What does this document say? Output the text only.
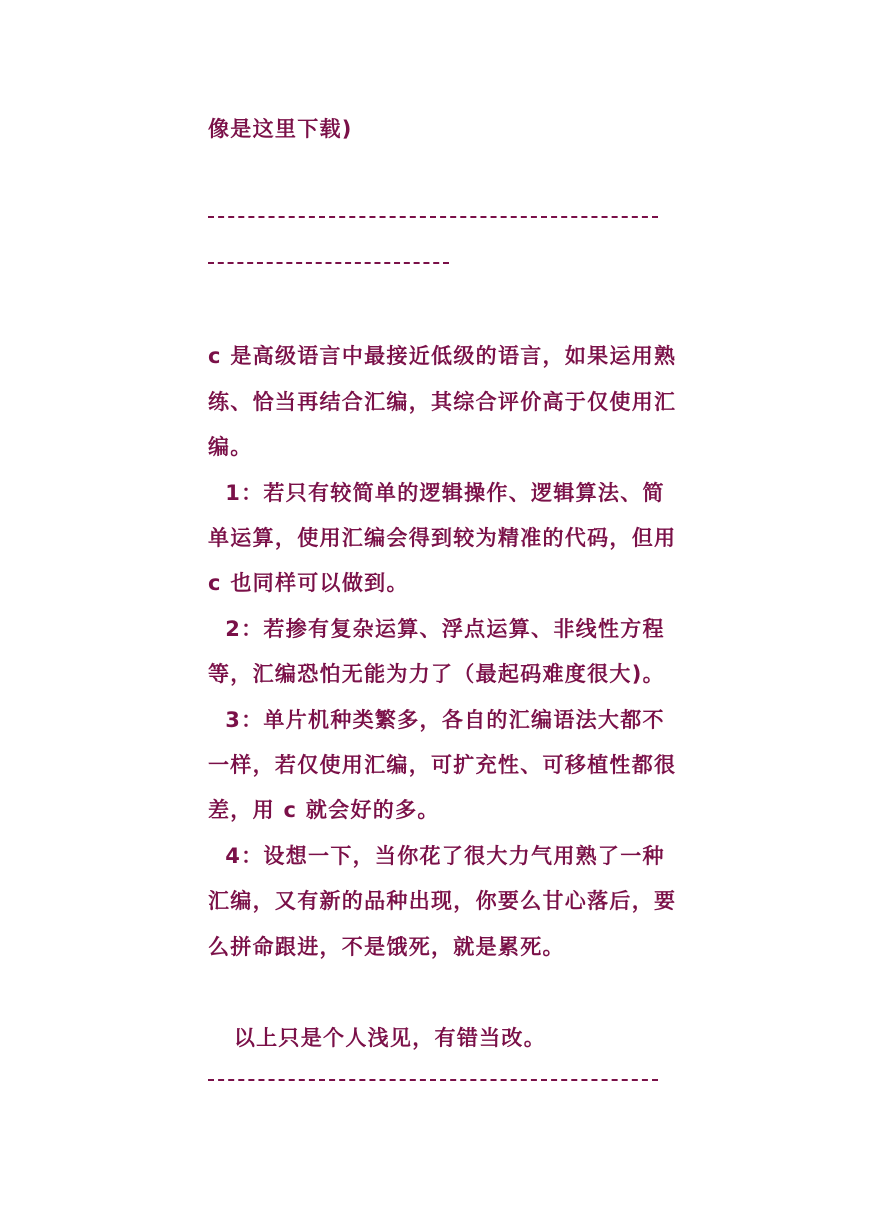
像是这里下载)
c 是高级语言中最接近低级的语言，如果运用熟
练、恰当再结合汇编，其综合评价高于仅使用汇
编。
1：若只有较简单的逻辑操作、逻辑算法、简
单运算，使用汇编会得到较为精准的代码，但用
c 也同样可以做到。
2：若掺有复杂运算、浮点运算、非线性方程
等，汇编恐怕无能为力了（最起码难度很大)。
3：单片机种类繁多，各自的汇编语法大都不
一样，若仅使用汇编，可扩充性、可移植性都很
差，用 c 就会好的多。
4：设想一下，当你花了很大力气用熟了一种
汇编，又有新的品种出现，你要么甘心落后，要
么拼命跟进，不是饿死，就是累死。
以上只是个人浅见，有错当改。
